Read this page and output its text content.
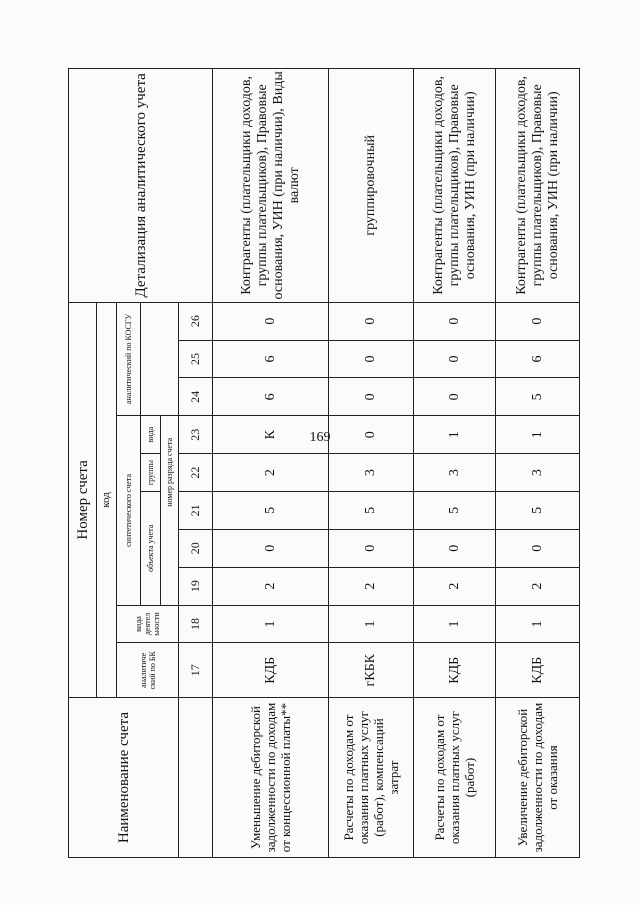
169
Наименование счета	Номер счета										Детализация аналитического учета
	код										
	аналитиче ский по БК	вида деятел ьности	синтетического счета					аналитический по КОСГУ			
			объекта учета			группы	вида				
			номер разряда счета								
	17	18	19	20	21	22	23	24	25	26	
Уменьшение дебиторской задолженности по доходам от концессионной платы**	КДБ	1	2	0	5	2	К	6	6	0	Контрагенты (плательщики доходов, группы плательщиков), Правовые основания, УИН (при наличии), Виды валют
Расчеты по доходам от оказания платных услуг (работ), компенсаций затрат	гКБК	1	2	0	5	3	0	0	0	0	группировочный
Расчеты по доходам от оказания платных услуг (работ)	КДБ	1	2	0	5	3	1	0	0	0	Контрагенты (плательщики доходов, группы плательщиков), Правовые основания, УИН (при наличии)
Увеличение дебиторской задолженности по доходам от оказания	КДБ	1	2	0	5	3	1	5	6	0	Контрагенты (плательщики доходов, группы плательщиков), Правовые основания, УИН (при наличии)
